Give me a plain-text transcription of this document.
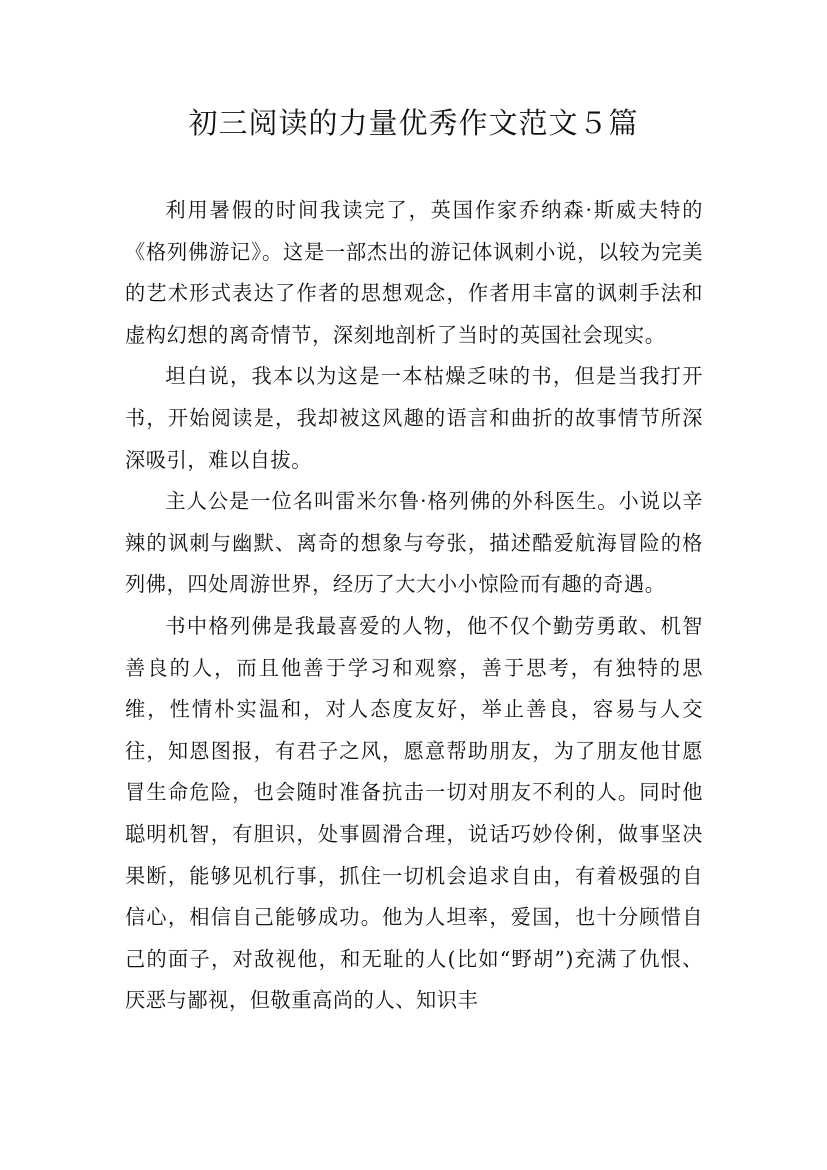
初三阅读的力量优秀作文范文５篇

利用暑假的时间我读完了，英国作家乔纳森·斯威夫特的《格列佛游记》。这是一部杰出的游记体讽刺小说，以较为完美的艺术形式表达了作者的思想观念，作者用丰富的讽刺手法和虚构幻想的离奇情节，深刻地剖析了当时的英国社会现实。

坦白说，我本以为这是一本枯燥乏味的书，但是当我打开书，开始阅读是，我却被这风趣的语言和曲折的故事情节所深深吸引，难以自拔。

主人公是一位名叫雷米尔鲁·格列佛的外科医生。小说以辛辣的讽刺与幽默、离奇的想象与夸张，描述酷爱航海冒险的格列佛，四处周游世界，经历了大大小小惊险而有趣的奇遇。

书中格列佛是我最喜爱的人物，他不仅个勤劳勇敢、机智善良的人，而且他善于学习和观察，善于思考，有独特的思维，性情朴实温和，对人态度友好，举止善良，容易与人交往，知恩图报，有君子之风，愿意帮助朋友，为了朋友他甘愿冒生命危险，也会随时准备抗击一切对朋友不利的人。同时他聪明机智，有胆识，处事圆滑合理，说话巧妙伶俐，做事坚决果断，能够见机行事，抓住一切机会追求自由，有着极强的自信心，相信自己能够成功。他为人坦率，爱国，也十分顾惜自己的面子，对敌视他，和无耻的人(比如“野胡”)充满了仇恨、厌恶与鄙视，但敬重高尚的人、知识丰
